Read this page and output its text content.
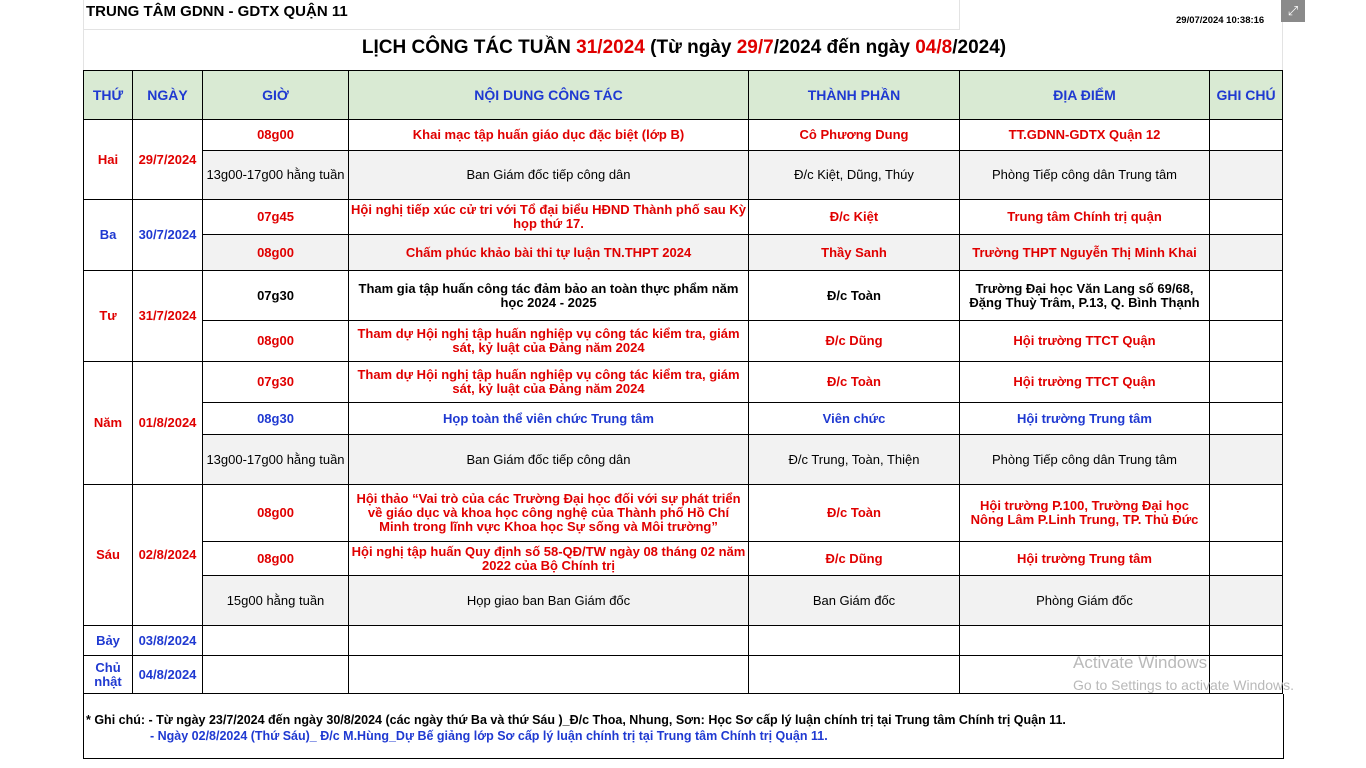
TRUNG TÂM GDNN - GDTX QUẬN 11
29/07/2024 10:38:16
⤢
LỊCH CÔNG TÁC TUẦN 31/2024 (Từ ngày 29/7/2024 đến ngày 04/8/2024)
THỨ	NGÀY	GIỜ	NỘI DUNG CÔNG TÁC	THÀNH PHẦN	ĐỊA ĐIỂM	GHI CHÚ
Hai	29/7/2024	08g00	Khai mạc tập huấn giáo dục đặc biệt (lớp B)	Cô Phương Dung	TT.GDNN-GDTX Quận 12	
		13g00-17g00 hằng tuần	Ban Giám đốc tiếp công dân	Đ/c Kiệt, Dũng, Thúy	Phòng Tiếp công dân Trung tâm	
Ba	30/7/2024	07g45	Hội nghị tiếp xúc cử tri với Tổ đại biểu HĐND Thành phố sau Kỳ họp thứ 17.	Đ/c Kiệt	Trung tâm Chính trị quận	
		08g00	Chấm phúc khảo bài thi tự luận TN.THPT 2024	Thầy Sanh	Trường THPT Nguyễn Thị Minh Khai	
Tư	31/7/2024	07g30	Tham gia tập huấn công tác đảm bảo an toàn thực phẩm năm học 2024 - 2025	Đ/c Toàn	Trường Đại học Văn Lang số 69/68, Đặng Thuỳ Trâm, P.13, Q. Bình Thạnh	
		08g00	Tham dự Hội nghị tập huấn nghiệp vụ công tác kiểm tra, giám sát, kỷ luật của Đảng năm 2024	Đ/c Dũng	Hội trường TTCT Quận	
Năm	01/8/2024	07g30	Tham dự Hội nghị tập huấn nghiệp vụ công tác kiểm tra, giám sát, kỷ luật của Đảng năm 2024	Đ/c Toàn	Hội trường TTCT Quận	
		08g30	Họp toàn thể viên chức Trung tâm	Viên chức	Hội trường Trung tâm	
		13g00-17g00 hằng tuần	Ban Giám đốc tiếp công dân	Đ/c Trung, Toàn, Thiện	Phòng Tiếp công dân Trung tâm	
Sáu	02/8/2024	08g00	Hội thảo “Vai trò của các Trường Đại học đối với sự phát triển về giáo dục và khoa học công nghệ của Thành phố Hồ Chí Minh trong lĩnh vực Khoa học Sự sống và Môi trường”	Đ/c Toàn	Hội trường P.100, Trường Đại học Nông Lâm P.Linh Trung, TP. Thủ Đức	
		08g00	Hội nghị tập huấn Quy định số 58-QĐ/TW ngày 08 tháng 02 năm 2022 của Bộ Chính trị	Đ/c Dũng	Hội trường Trung tâm	
		15g00 hằng tuần	Họp giao ban Ban Giám đốc	Ban Giám đốc	Phòng Giám đốc	
Bảy	03/8/2024					
Chủ nhật	04/8/2024					
* Ghi chú: - Từ ngày 23/7/2024 đến ngày 30/8/2024 (các ngày thứ Ba và thứ Sáu )_Đ/c Thoa, Nhung, Sơn: Học Sơ cấp lý luận chính trị tại Trung tâm Chính trị Quận 11.
- Ngày 02/8/2024 (Thứ Sáu)_ Đ/c M.Hùng_Dự Bế giảng lớp Sơ cấp lý luận chính trị tại Trung tâm Chính trị Quận 11.
Activate Windows
Go to Settings to activate Windows.
